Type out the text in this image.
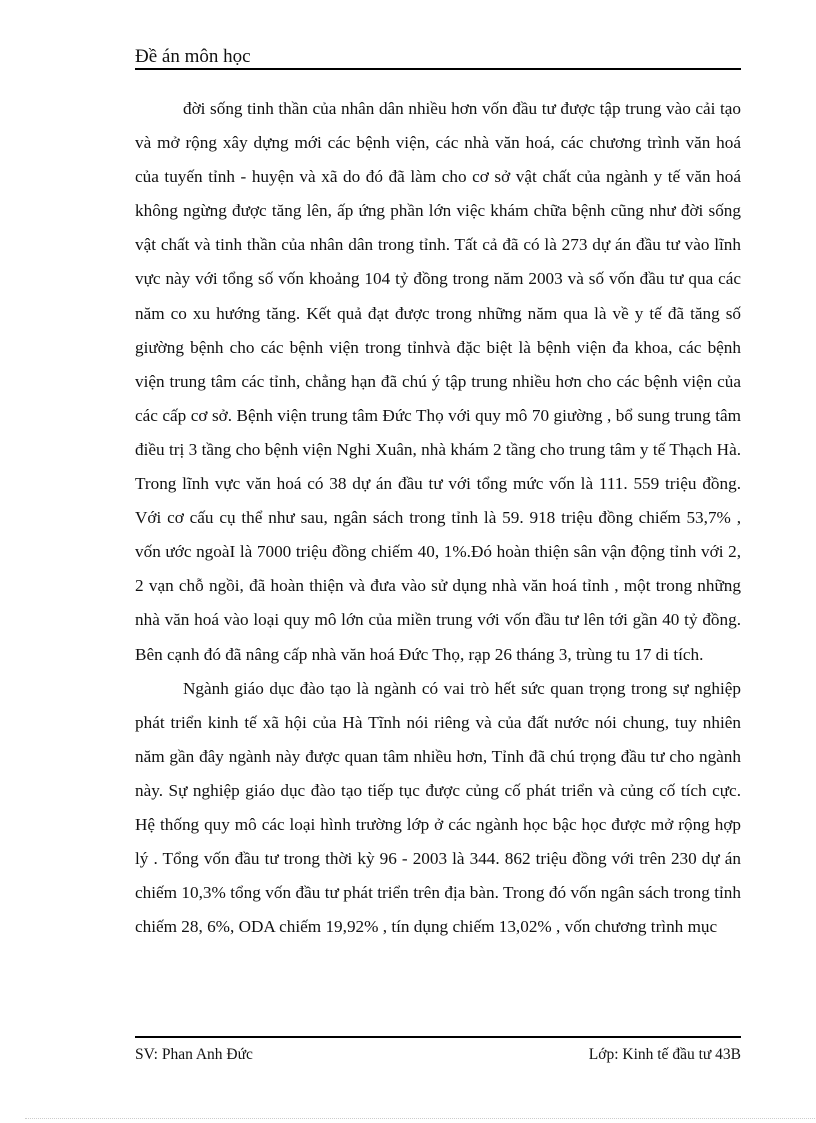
Đề án môn học

đời sống tinh thần của nhân dân nhiều hơn vốn đầu tư được tập trung vào cải tạo và mở rộng xây dựng mới các bệnh viện, các nhà văn hoá, các chương trình văn hoá của tuyến tỉnh - huyện và xã do đó đã làm cho cơ sở vật chất của ngành y tế văn hoá không ngừng được tăng lên, ấp ứng phần lớn việc khám chữa bệnh cũng như đời sống vật chất và tinh thần của nhân dân trong tỉnh. Tất cả đã có là 273 dự án đầu tư vào lĩnh vực này với tổng số vốn khoảng 104 tỷ đồng trong năm 2003 và số vốn đầu tư qua các năm co xu hướng tăng. Kết quả đạt được trong những năm qua là về y tế đã tăng số giường bệnh cho các bệnh viện trong tỉnhvà đặc biệt là bệnh viện đa khoa, các bệnh viện trung tâm các tỉnh, chẳng hạn đã chú ý tập trung nhiều hơn cho các bệnh viện của các cấp cơ sở. Bệnh viện trung tâm Đức Thọ với quy mô 70 giường , bổ sung trung tâm điều trị 3 tầng cho bệnh viện Nghi Xuân, nhà khám 2 tầng cho trung tâm y tế Thạch Hà. Trong lĩnh vực văn hoá có 38 dự án đầu tư với tổng mức vốn là 111. 559 triệu đồng. Với cơ cấu cụ thể như sau, ngân sách trong tỉnh là 59. 918 triệu đồng chiếm 53,7% , vốn ước ngoàI là 7000 triệu đồng chiếm 40, 1%.Đó hoàn thiện sân vận động tỉnh với 2, 2 vạn chỗ ngồi, đã hoàn thiện và đưa vào sử dụng nhà văn hoá tỉnh , một trong những nhà văn hoá vào loại quy mô lớn của miền trung với vốn đầu tư lên tới gần 40 tỷ đồng. Bên cạnh đó đã nâng cấp nhà văn hoá Đức Thọ, rạp 26 tháng 3, trùng tu 17 di tích.

Ngành giáo dục đào tạo là ngành có vai trò hết sức quan trọng trong sự nghiệp phát triển kinh tế xã hội của Hà Tĩnh nói riêng và của đất nước nói chung, tuy nhiên năm gần đây ngành này được quan tâm nhiều hơn, Tỉnh đã chú trọng đầu tư cho ngành này. Sự nghiệp giáo dục đào tạo tiếp tục được củng cố phát triển và củng cố tích cực. Hệ thống quy mô các loại hình trường lớp ở các ngành học bậc học được mở rộng hợp lý . Tổng vốn đầu tư trong thời kỳ 96 - 2003 là 344. 862 triệu đồng với trên 230 dự án chiếm 10,3% tổng vốn đầu tư phát triển trên địa bàn. Trong đó vốn ngân sách trong tỉnh chiếm 28, 6%, ODA chiếm 19,92% , tín dụng chiếm 13,02% , vốn chương trình mục

SV: Phan Anh Đức	Lớp: Kinh tế đầu tư 43B
